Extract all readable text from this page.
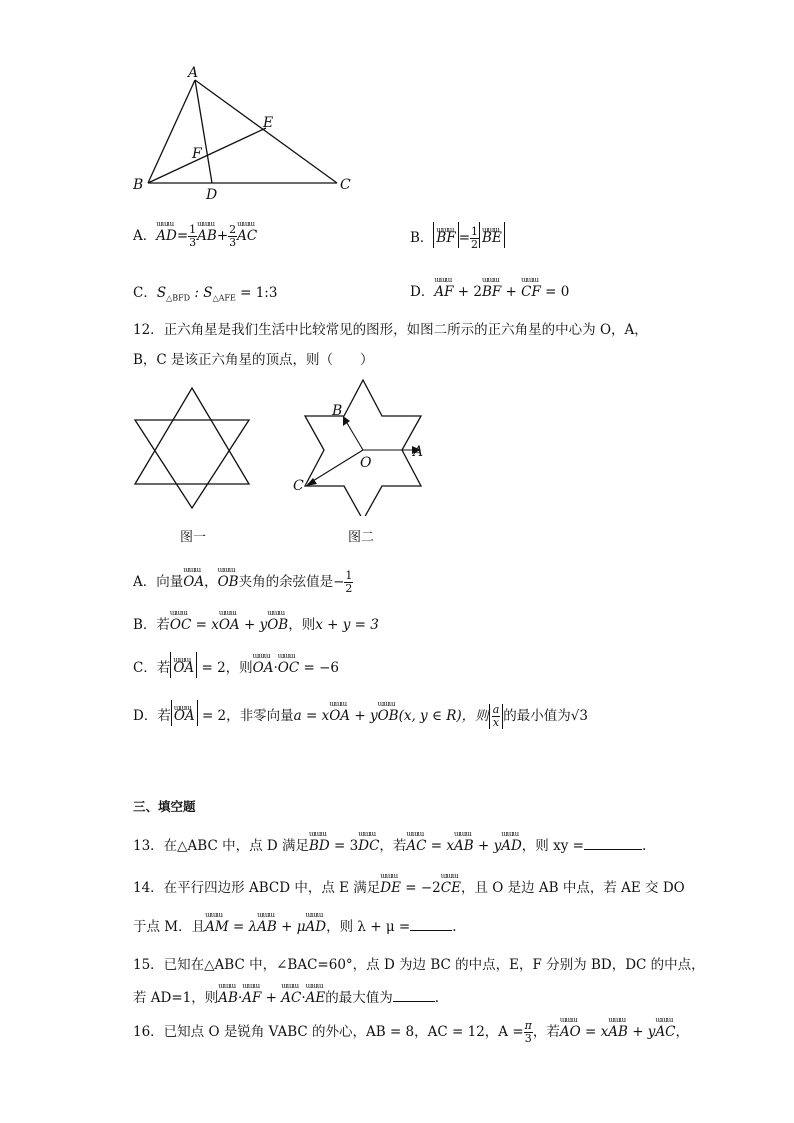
A
B	C
D
E
F
A．ɯɯɯ $AD= \frac{1}{3}$ ɯɯɯ $AB+ \frac{2}{3}$ ɯɯɯ AC	B． ɯɯɯ BF = $\frac{1}{2}$ ɯɯɯ BE
C．$S_{\triangle BFD}$ : $S_{\triangle AFE}$ = 1:3	D．ɯɯɯ AF + 2ɯɯɯ BF + ɯɯɯ CF = 0
12．正六角星是我们生活中比较常见的图形，如图二所示的正六角星的中心为 O，A，
B，C 是该正六角星的顶点，则（　　）
图一
B
A
O
C
图二
A．向量ɯɯɯ OA，ɯɯɯ OB夹角的余弦值是− $\frac{1}{2}$
B．若ɯɯɯ OC = xɯɯɯ OA + yɯɯɯ OB，则x + y = 3
C．若 ɯɯɯ OA = 2，则ɯɯɯ OA·ɯɯɯ OC = −6
D．若 ɯɯɯ OA = 2，非零向量a = xɯɯɯ OA + yɯɯɯ OB(x, y ∈ R)，则 $\frac{a}{x}$ 的最小值为√3
三、填空题
13．在△ABC 中，点 D 满足ɯɯɯ BD = 3ɯɯɯ DC，若ɯɯɯ AC = xɯɯɯ AB + yɯɯɯ AD，则 xy =	.
14．在平行四边形 ABCD 中，点 E 满足ɯɯɯ DE = −2ɯɯɯ CE，且 O 是边 AB 中点，若 AE 交 DO
于点 M．且ɯɯɯ AM = λɯɯɯ AB + μɯɯɯ AD，则 λ + μ =	.
15．已知在△ABC 中，∠BAC=60°，点 D 为边 BC 的中点，E，F 分别为 BD，DC 的中点，
若 AD=1，则ɯɯɯ AB·ɯɯɯ AF + ɯɯɯ AC·ɯɯɯ AE的最大值为	.
16．已知点 O 是锐角 VABC 的外心，AB = 8，AC = 12，$A = \frac{\pi}{3}$ ，若ɯɯɯ AO = xɯɯɯ AB + yɯɯɯ AC，
